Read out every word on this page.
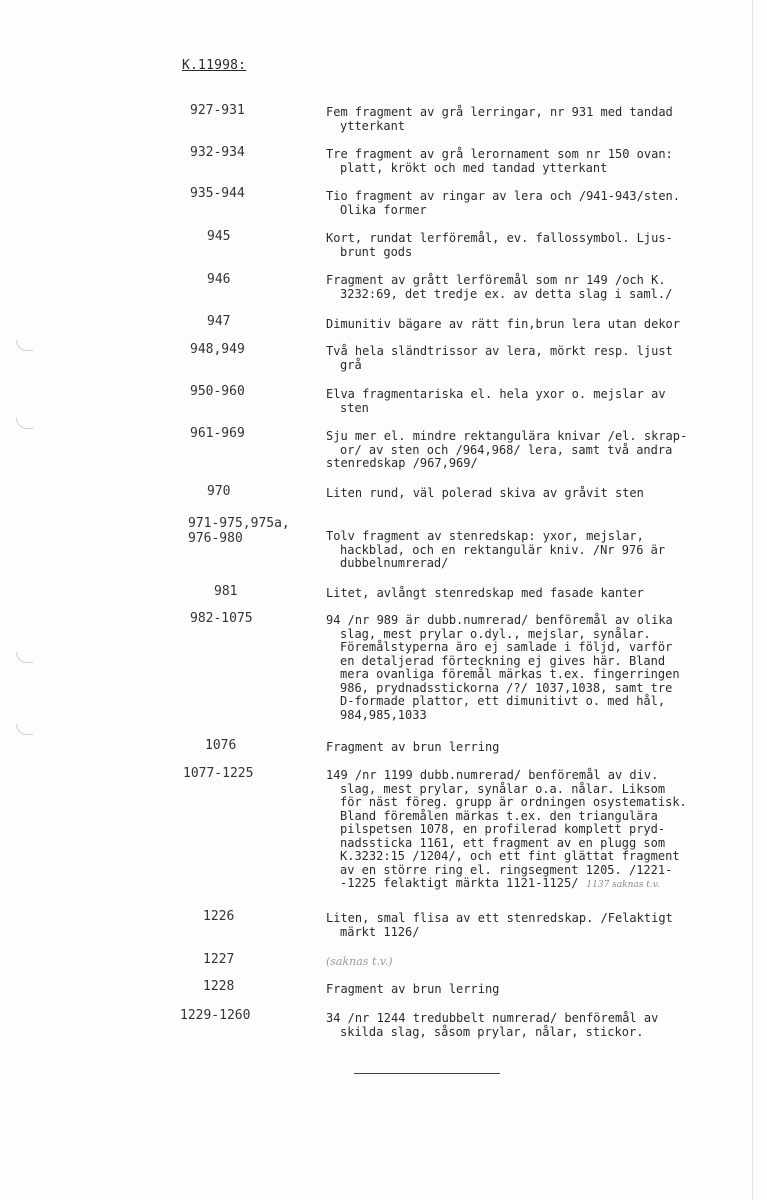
K.11998:
927-931	Fem fragment av grå lerringar, nr 931 med tandad
ytterkant
932-934	Tre fragment av grå lerornament som nr 150 ovan:
platt, krökt och med tandad ytterkant
935-944	Tio fragment av ringar av lera och /941-943/sten.
Olika former
945	Kort, rundat lerföremål, ev. fallossymbol. Ljus-
brunt gods
946	Fragment av grått lerföremål som nr 149 /och K.
3232:69, det tredje ex. av detta slag i saml./
947	Dimunitiv bägare av rätt fin,brun lera utan dekor
948,949	Två hela sländtrissor av lera, mörkt resp. ljust
grå
950-960	Elva fragmentariska el. hela yxor o. mejslar av
sten
961-969	Sju mer el. mindre rektangulära knivar /el. skrap-
or/ av sten och /964,968/ lera, samt två andra
stenredskap /967,969/
970	Liten rund, väl polerad skiva av gråvit sten
971-975,975a,
976-980	Tolv fragment av stenredskap: yxor, mejslar,
hackblad, och en rektangulär kniv. /Nr 976 är
dubbelnumrerad/
981	Litet, avlångt stenredskap med fasade kanter
982-1075	94 /nr 989 är dubb.numrerad/ benföremål av olika
slag, mest prylar o.dyl., mejslar, synålar.
Föremålstyperna äro ej samlade i följd, varför
en detaljerad förteckning ej gives här. Bland
mera ovanliga föremål märkas t.ex. fingerringen
986, prydnadsstickorna /?/ 1037,1038, samt tre
D-formade plattor, ett dimunitivt o. med hål,
984,985,1033
1076	Fragment av brun lerring
1077-1225	149 /nr 1199 dubb.numrerad/ benföremål av div.
slag, mest prylar, synålar o.a. nålar. Liksom
för näst föreg. grupp är ordningen osystematisk.
Bland föremålen märkas t.ex. den triangulära
pilspetsen 1078, en profilerad komplett pryd-
nadssticka 1161, ett fragment av en plugg som
K.3232:15 /1204/, och ett fint glättat fragment
av en större ring el. ringsegment 1205. /1221-
-1225 felaktigt märkta 1121-1125/ 1137 saknas t.v.
1226	Liten, smal flisa av ett stenredskap. /Felaktigt
märkt 1126/
1227	(saknas t.v.)
1228	Fragment av brun lerring
1229-1260	34 /nr 1244 tredubbelt numrerad/ benföremål av
skilda slag, såsom prylar, nålar, stickor.
